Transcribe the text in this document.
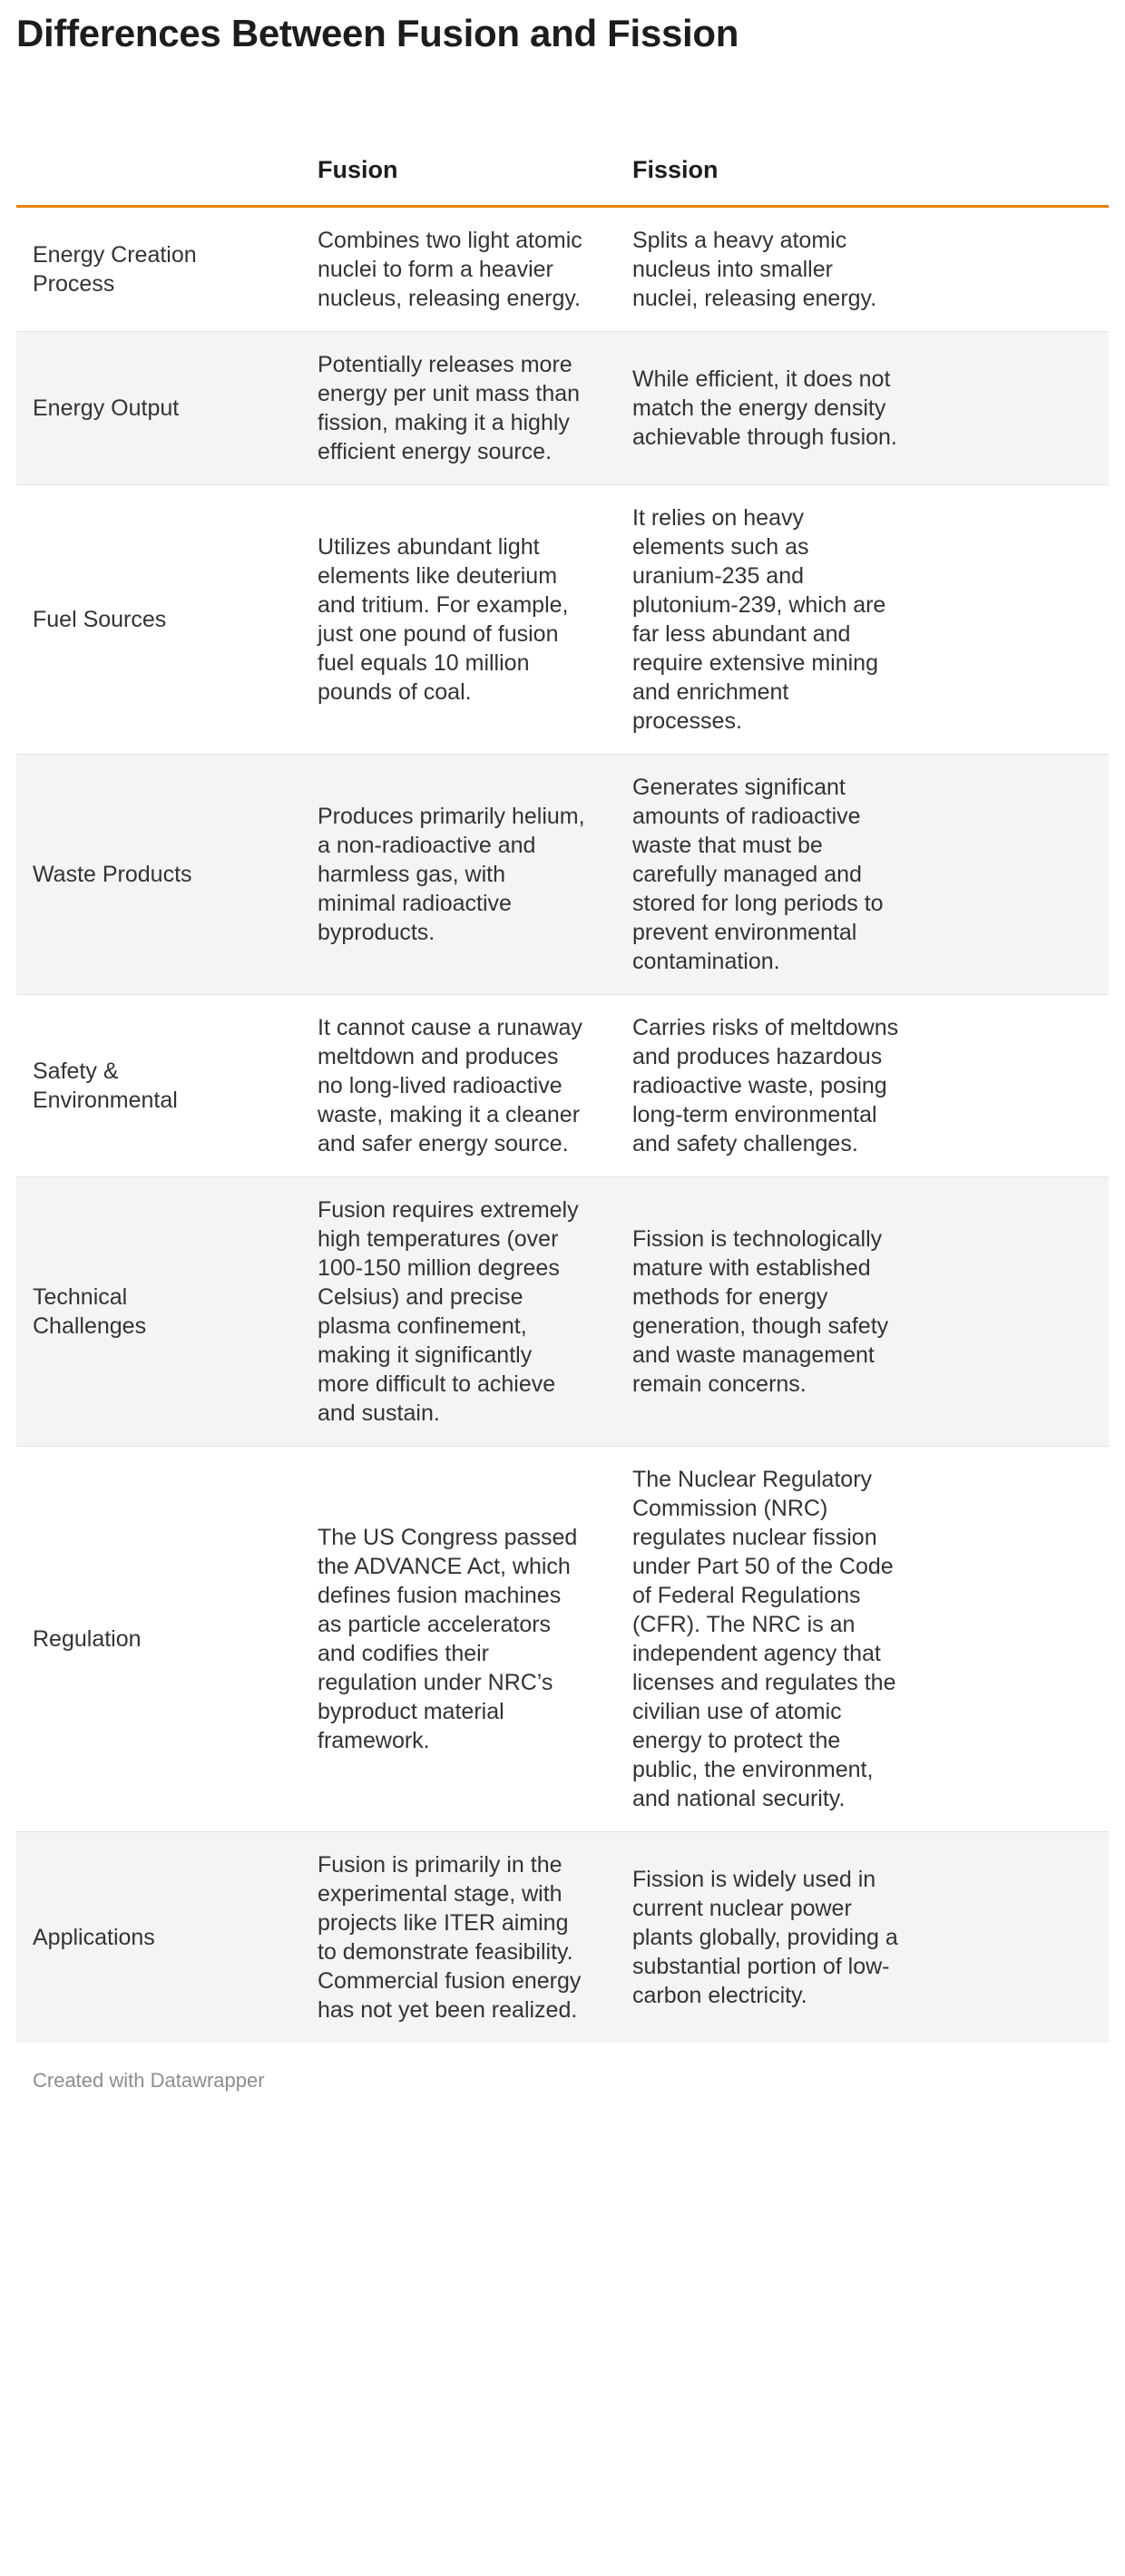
Differences Between Fusion and Fission
	Fusion	Fission

Energy Creation Process	Combines two light atomic nuclei to form a heavier nucleus, releasing energy.	Splits a heavy atomic nucleus into smaller nuclei, releasing energy.

Energy Output	Potentially releases more energy per unit mass than fission, making it a highly efficient energy source.	While efficient, it does not match the energy density achievable through fusion.

Fuel Sources	Utilizes abundant light elements like deuterium and tritium. For example, just one pound of fusion fuel equals 10 million pounds of coal.	It relies on heavy elements such as uranium-235 and plutonium-239, which are far less abundant and require extensive mining and enrichment processes.

Waste Products	Produces primarily helium, a non-radioactive and harmless gas, with minimal radioactive byproducts.	Generates significant amounts of radioactive waste that must be carefully managed and stored for long periods to prevent environmental contamination.

Safety & Environmental	It cannot cause a runaway meltdown and produces no long-lived radioactive waste, making it a cleaner and safer energy source.	Carries risks of meltdowns and produces hazardous radioactive waste, posing long-term environmental and safety challenges.

Technical Challenges	Fusion requires extremely high temperatures (over 100-150 million degrees Celsius) and precise plasma confinement, making it significantly more difficult to achieve and sustain.	Fission is technologically mature with established methods for energy generation, though safety and waste management remain concerns.

Regulation	The US Congress passed the ADVANCE Act, which defines fusion machines as particle accelerators and codifies their regulation under NRC’s byproduct material framework.	The Nuclear Regulatory Commission (NRC) regulates nuclear fission under Part 50 of the Code of Federal Regulations (CFR). The NRC is an independent agency that licenses and regulates the civilian use of atomic energy to protect the public, the environment, and national security.

Applications	Fusion is primarily in the experimental stage, with projects like ITER aiming to demonstrate feasibility. Commercial fusion energy has not yet been realized.	Fission is widely used in current nuclear power plants globally, providing a substantial portion of low-carbon electricity.
Created with Datawrapper
